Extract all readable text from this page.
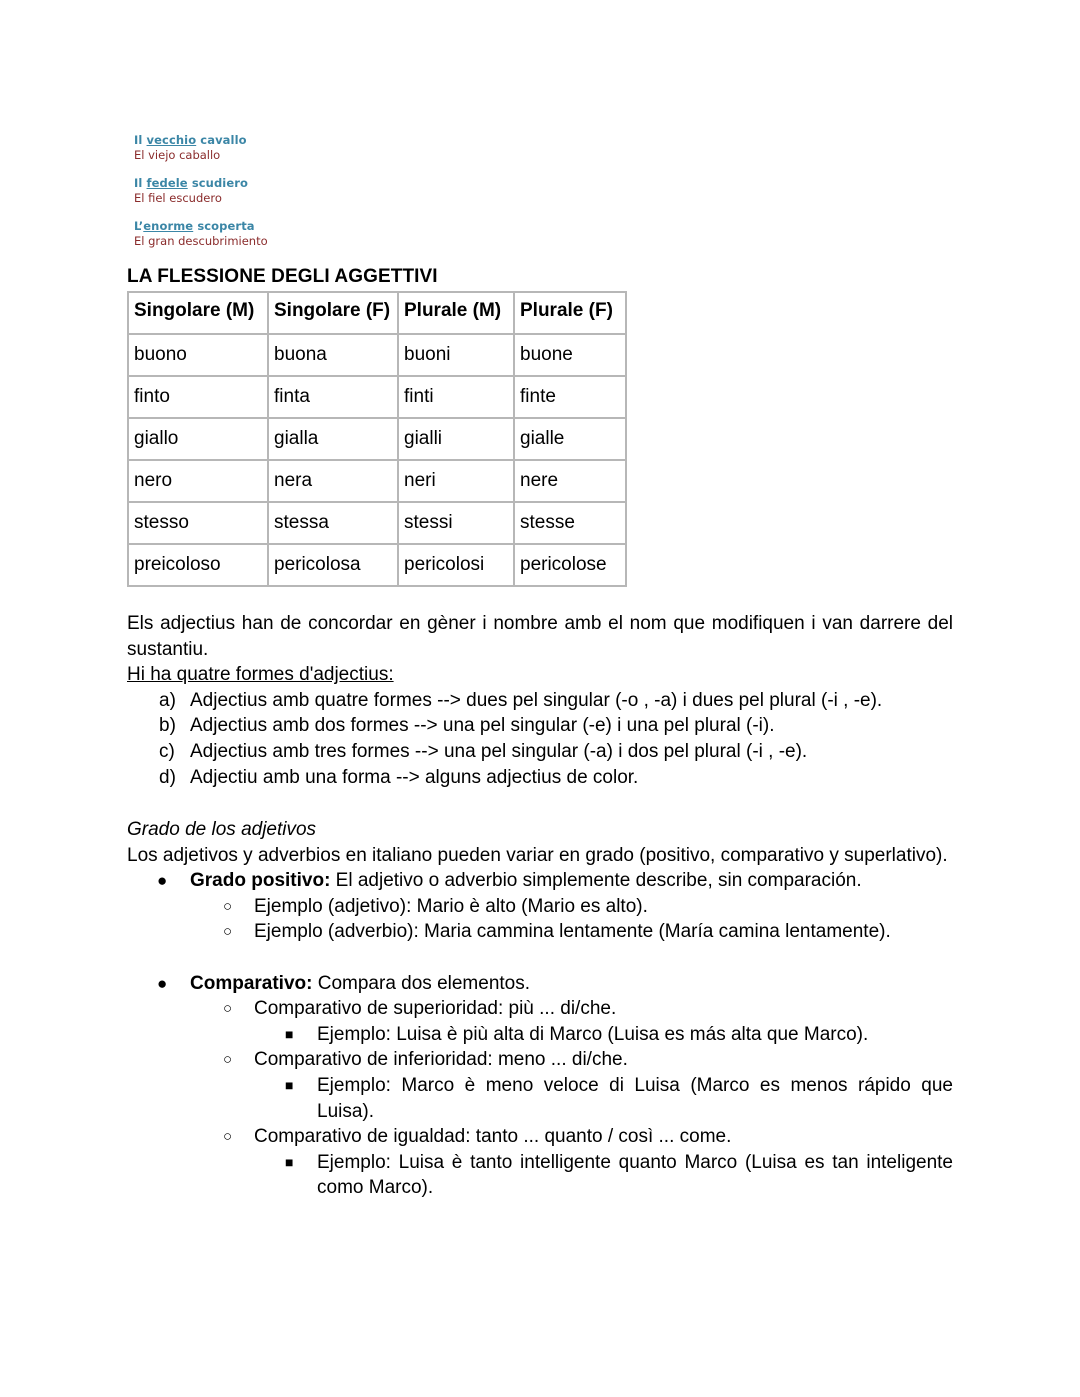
Il vecchio cavallo
El viejo caballo
Il fedele scudiero
El fiel escudero
L’enorme scoperta
El gran descubrimiento
LA FLESSIONE DEGLI AGGETTIVI
Singolare (M)	Singolare (F)	Plurale (M)	Plurale (F)
buono	buona	buoni	buone
finto	finta	finti	finte
giallo	gialla	gialli	gialle
nero	nera	neri	nere
stesso	stessa	stessi	stesse
preicoloso	pericolosa	pericolosi	pericolose
Els adjectius han de concordar en gèner i nombre amb el nom que modifiquen i van darrere del sustantiu.
Hi ha quatre formes d'adjectius:
a) Adjectius amb quatre formes --> dues pel singular (-o , -a) i dues pel plural (-i , -e).
b) Adjectius amb dos formes --> una pel singular (-e) i una pel plural (-i).
c) Adjectius amb tres formes --> una pel singular (-a) i dos pel plural (-i , -e).
d) Adjectiu amb una forma --> alguns adjectius de color.
Grado de los adjetivos
Los adjetivos y adverbios en italiano pueden variar en grado (positivo, comparativo y superlativo).
● Grado positivo: El adjetivo o adverbio simplemente describe, sin comparación.
○ Ejemplo (adjetivo): Mario è alto (Mario es alto).
○ Ejemplo (adverbio): Maria cammina lentamente (María camina lentamente).
● Comparativo: Compara dos elementos.
○ Comparativo de superioridad: più ... di/che.
■ Ejemplo: Luisa è più alta di Marco (Luisa es más alta que Marco).
○ Comparativo de inferioridad: meno ... di/che.
■ Ejemplo: Marco è meno veloce di Luisa (Marco es menos rápido que Luisa).
○ Comparativo de igualdad: tanto ... quanto / così ... come.
■ Ejemplo: Luisa è tanto intelligente quanto Marco (Luisa es tan inteligente como Marco).
